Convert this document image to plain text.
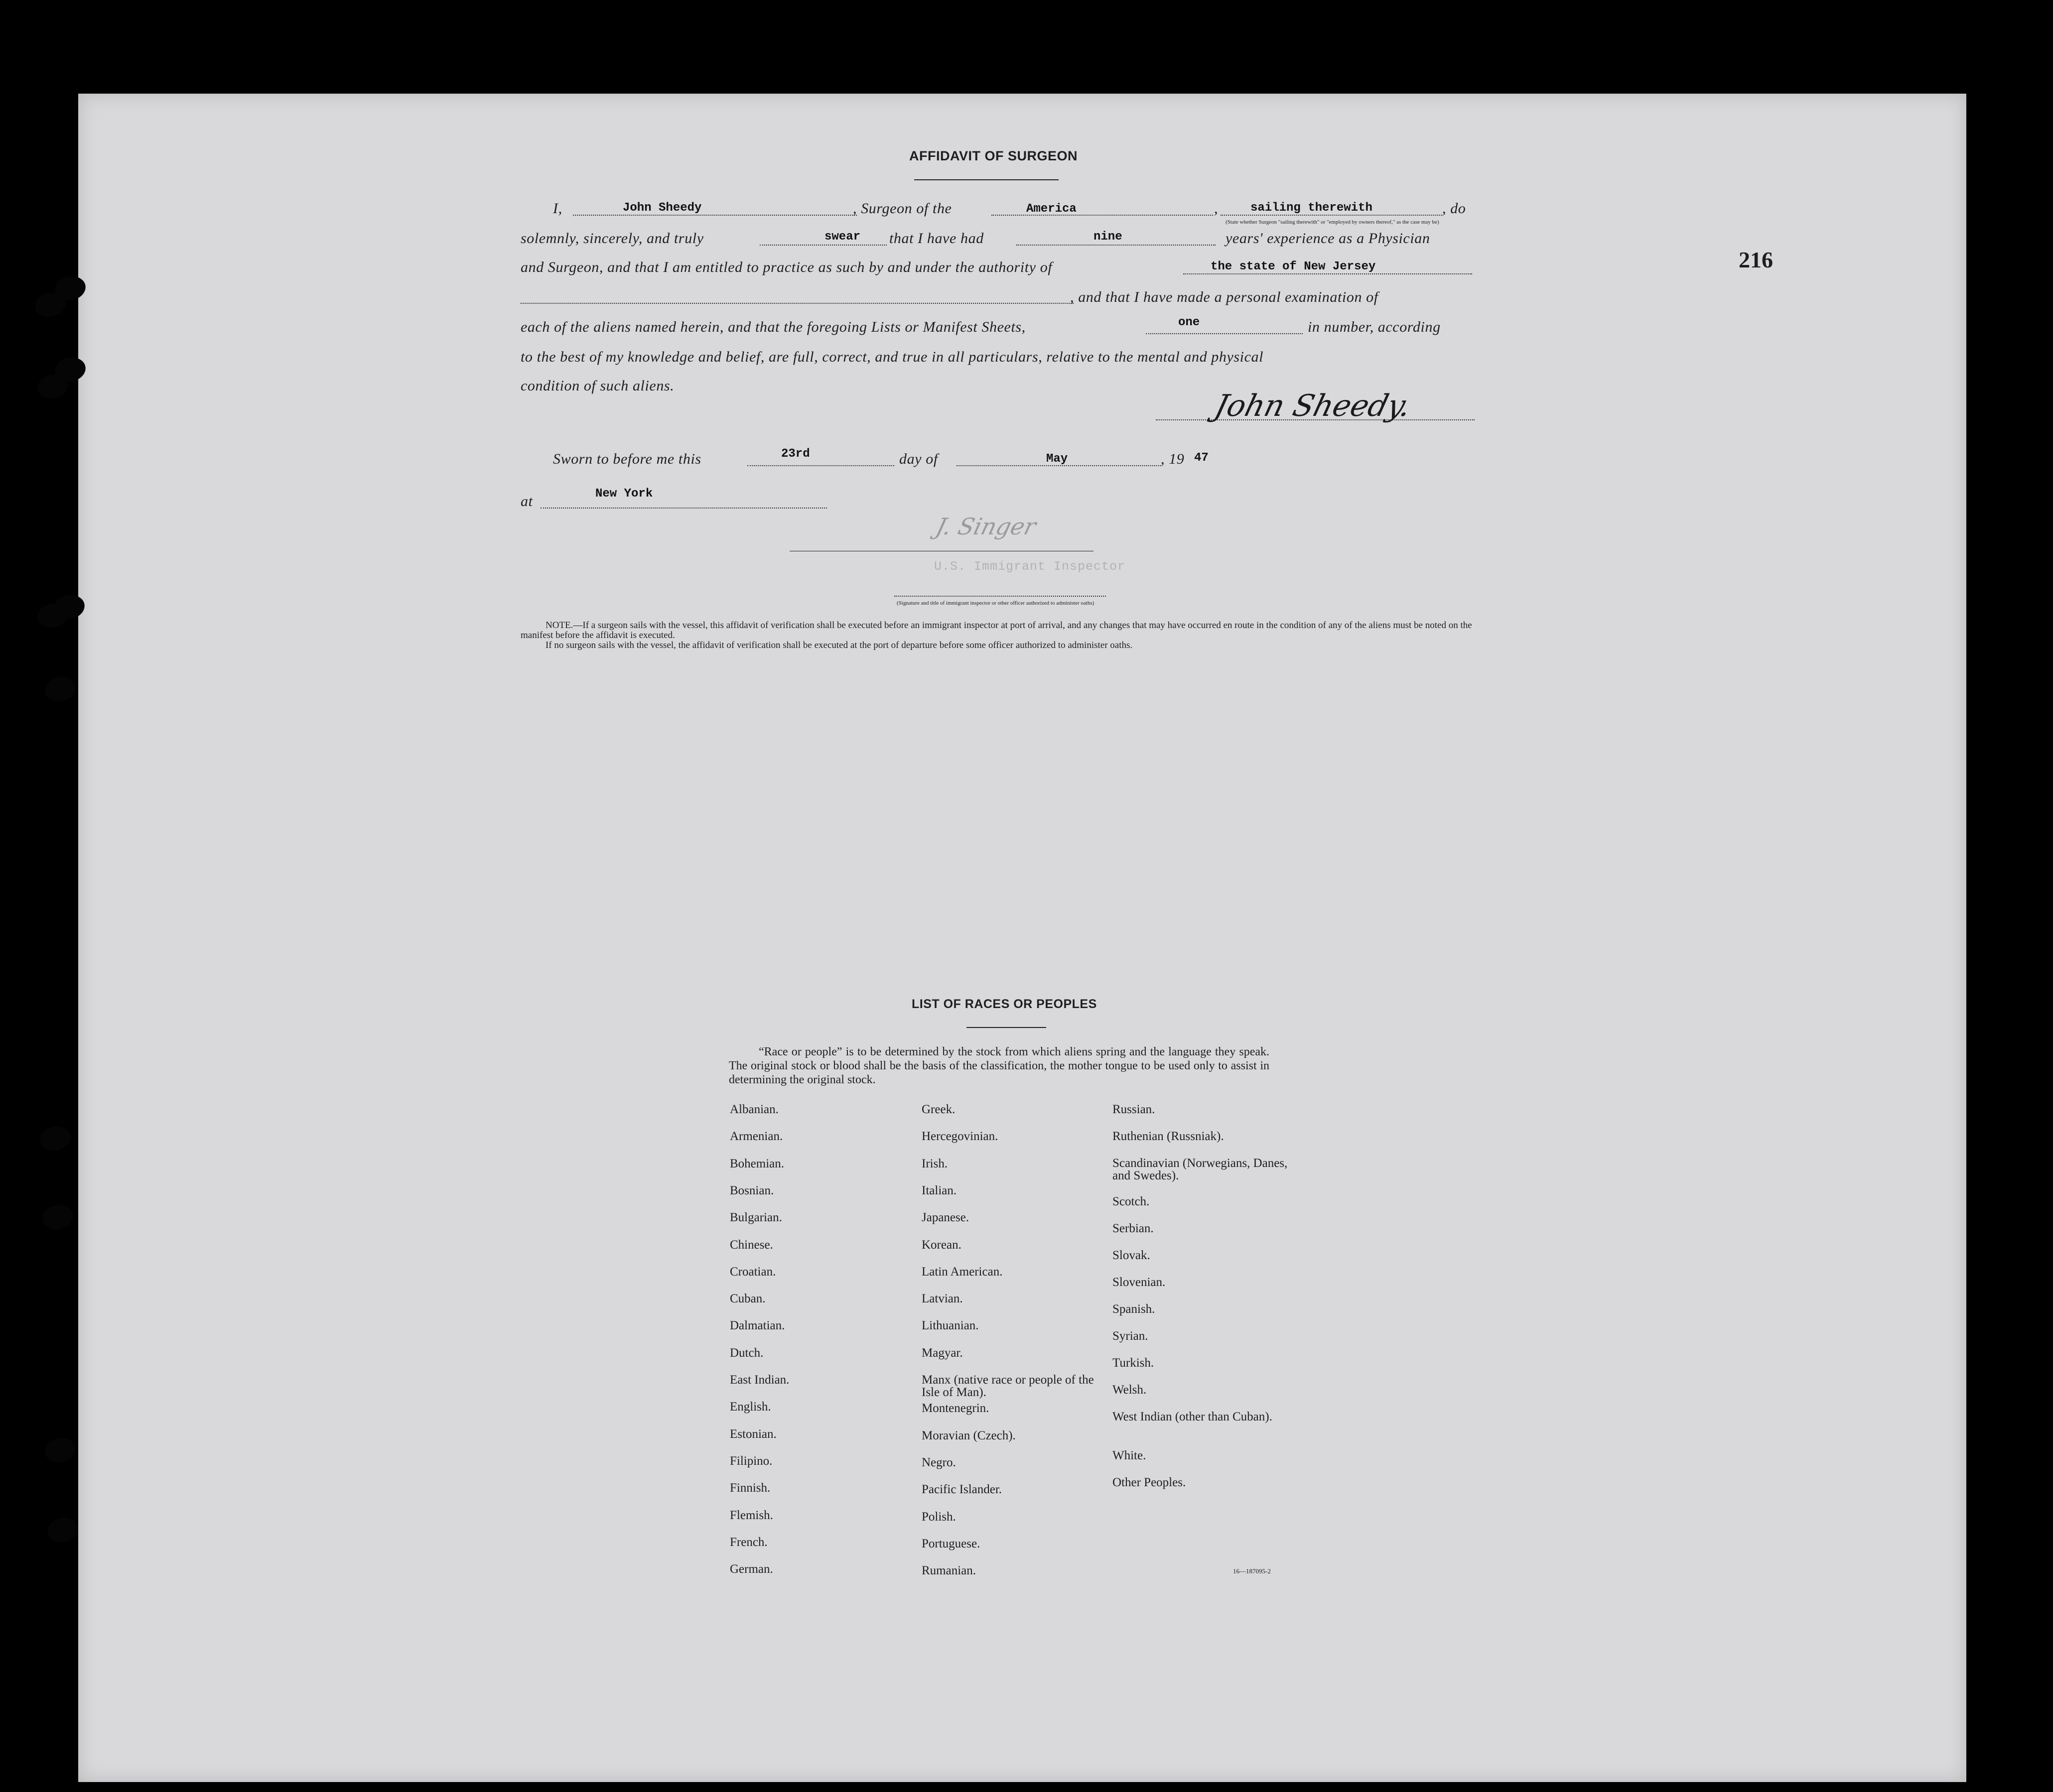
216
AFFIDAVIT OF SURGEON
I,	John Sheedy	, Surgeon of the	America	,	sailing therewith	, do
(State whether Surgeon "sailing therewith" or "employed by owners thereof," as the case may be)
solemnly, sincerely, and truly	swear that I have had	nine	years' experience as a Physician
and Surgeon, and that I am entitled to practice as such by and under the authority of	the state of New Jersey
, and that I have made a personal examination of
each of the aliens named herein, and that the foregoing Lists or Manifest Sheets,	one	in number, according
to the best of my knowledge and belief, are full, correct, and true in all particulars, relative to the mental and physical
condition of such aliens.
John Sheedy.
Sworn to before me this	23rd	day of	May	, 19 47
at	New York
J. Singer
U.S. Immigrant Inspector
(Signature and title of immigrant inspector or other officer authorized to administer oaths)
NOTE.—If a surgeon sails with the vessel, this affidavit of verification shall be executed before an immigrant inspector at port of arrival, and any changes that may have occurred en route in the condition of any of the aliens must be noted on the manifest before the affidavit is executed.
If no surgeon sails with the vessel, the affidavit of verification shall be executed at the port of departure before some officer authorized to administer oaths.
LIST OF RACES OR PEOPLES
“Race or people” is to be determined by the stock from which aliens spring and the language they speak. The original stock or blood shall be the basis of the classification, the mother tongue to be used only to assist in determining the original stock.
Albanian.
Armenian.
Bohemian.
Bosnian.
Bulgarian.
Chinese.
Croatian.
Cuban.
Dalmatian.
Dutch.
East Indian.
English.
Estonian.
Filipino.
Finnish.
Flemish.
French.
German.
Greek.
Hercegovinian.
Irish.
Italian.
Japanese.
Korean.
Latin American.
Latvian.
Lithuanian.
Magyar.
Manx (native race or people of the Isle of Man).
Montenegrin.
Moravian (Czech).
Negro.
Pacific Islander.
Polish.
Portuguese.
Rumanian.
Russian.
Ruthenian (Russniak).
Scandinavian (Norwegians, Danes, and Swedes).
Scotch.
Serbian.
Slovak.
Slovenian.
Spanish.
Syrian.
Turkish.
Welsh.
West Indian (other than Cuban).
White.
Other Peoples.
16—187095-2
